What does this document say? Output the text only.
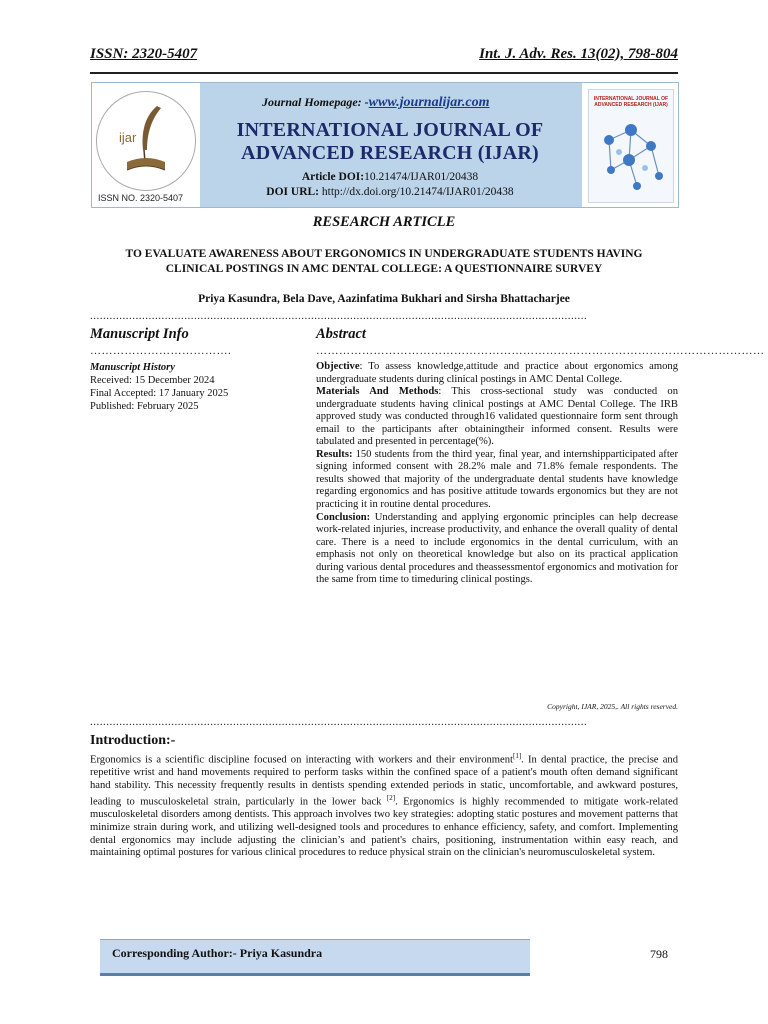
ISSN: 2320-5407	Int. J. Adv. Res. 13(02), 798-804
ijar
ISSN NO. 2320-5407
Journal Homepage: -www.journalijar.com
INTERNATIONAL JOURNAL OF
ADVANCED RESEARCH (IJAR)
Article DOI:10.21474/IJAR01/20438
DOI URL: http://dx.doi.org/10.21474/IJAR01/20438
INTERNATIONAL JOURNAL OF ADVANCED RESEARCH (IJAR)
RESEARCH ARTICLE
TO EVALUATE AWARENESS ABOUT ERGONOMICS IN UNDERGRADUATE STUDENTS HAVING
CLINICAL POSTINGS IN AMC DENTAL COLLEGE: A QUESTIONNAIRE SURVEY
Priya Kasundra, Bela Dave, Aazinfatima Bukhari and Sirsha Bhattacharjee
.........................................................................................................................................................
Manuscript Info
……………………………….
Manuscript History
Received: 15 December 2024
Final Accepted: 17 January 2025
Published: February 2025
Abstract
………………………………………………………………………………………………………

Objective: To assess knowledge,attitude and practice about ergonomics among undergraduate students during clinical postings in AMC Dental College.

Materials And Methods: This cross-sectional study was conducted on undergraduate students having clinical postings at AMC Dental College. The IRB approved study was conducted through16 validated questionnaire form sent through email to the participants after obtainingtheir informed consent. Results were tabulated and presented in percentage(%).

Results: 150 students from the third year, final year, and internshipparticipated after signing informed consent with 28.2% male and 71.8% female respondents. The results showed that majority of the undergraduate dental students have knowledge regarding ergonomics and has positive attitude towards ergonomics but they are not practicing it in routine dental procedures.

Conclusion: Understanding and applying ergonomic principles can help decrease work-related injuries, increase productivity, and enhance the overall quality of dental care. There is a need to include ergonomics in the dental curriculum, with an emphasis not only on theoretical knowledge but also on its practical application during various dental procedures and theassessmentof ergonomics and motivation for the same from time to timeduring clinical postings.

Copyright, IJAR, 2025,. All rights reserved.
.........................................................................................................................................................
Introduction:-
Ergonomics is a scientific discipline focused on interacting with workers and their environment[1]. In dental practice, the precise and repetitive wrist and hand movements required to perform tasks within the confined space of a patient's mouth often demand significant hand stability. This necessity frequently results in dentists spending extended periods in static, uncomfortable, and awkward postures, leading to musculoskeletal strain, particularly in the lower back [2]. Ergonomics is highly recommended to mitigate work-related musculoskeletal disorders among dentists. This approach involves two key strategies: adopting static postures and movement patterns that minimize strain during work, and utilizing well-designed tools and procedures to enhance efficiency, safety, and comfort. Implementing dental ergonomics may include adjusting the clinician’s and patient's chairs, positioning, instrumentation within easy reach, and maintaining optimal postures for various clinical procedures to reduce physical strain on the clinician's neuromusculoskeletal system.
Corresponding Author:- Priya Kasundra	798
